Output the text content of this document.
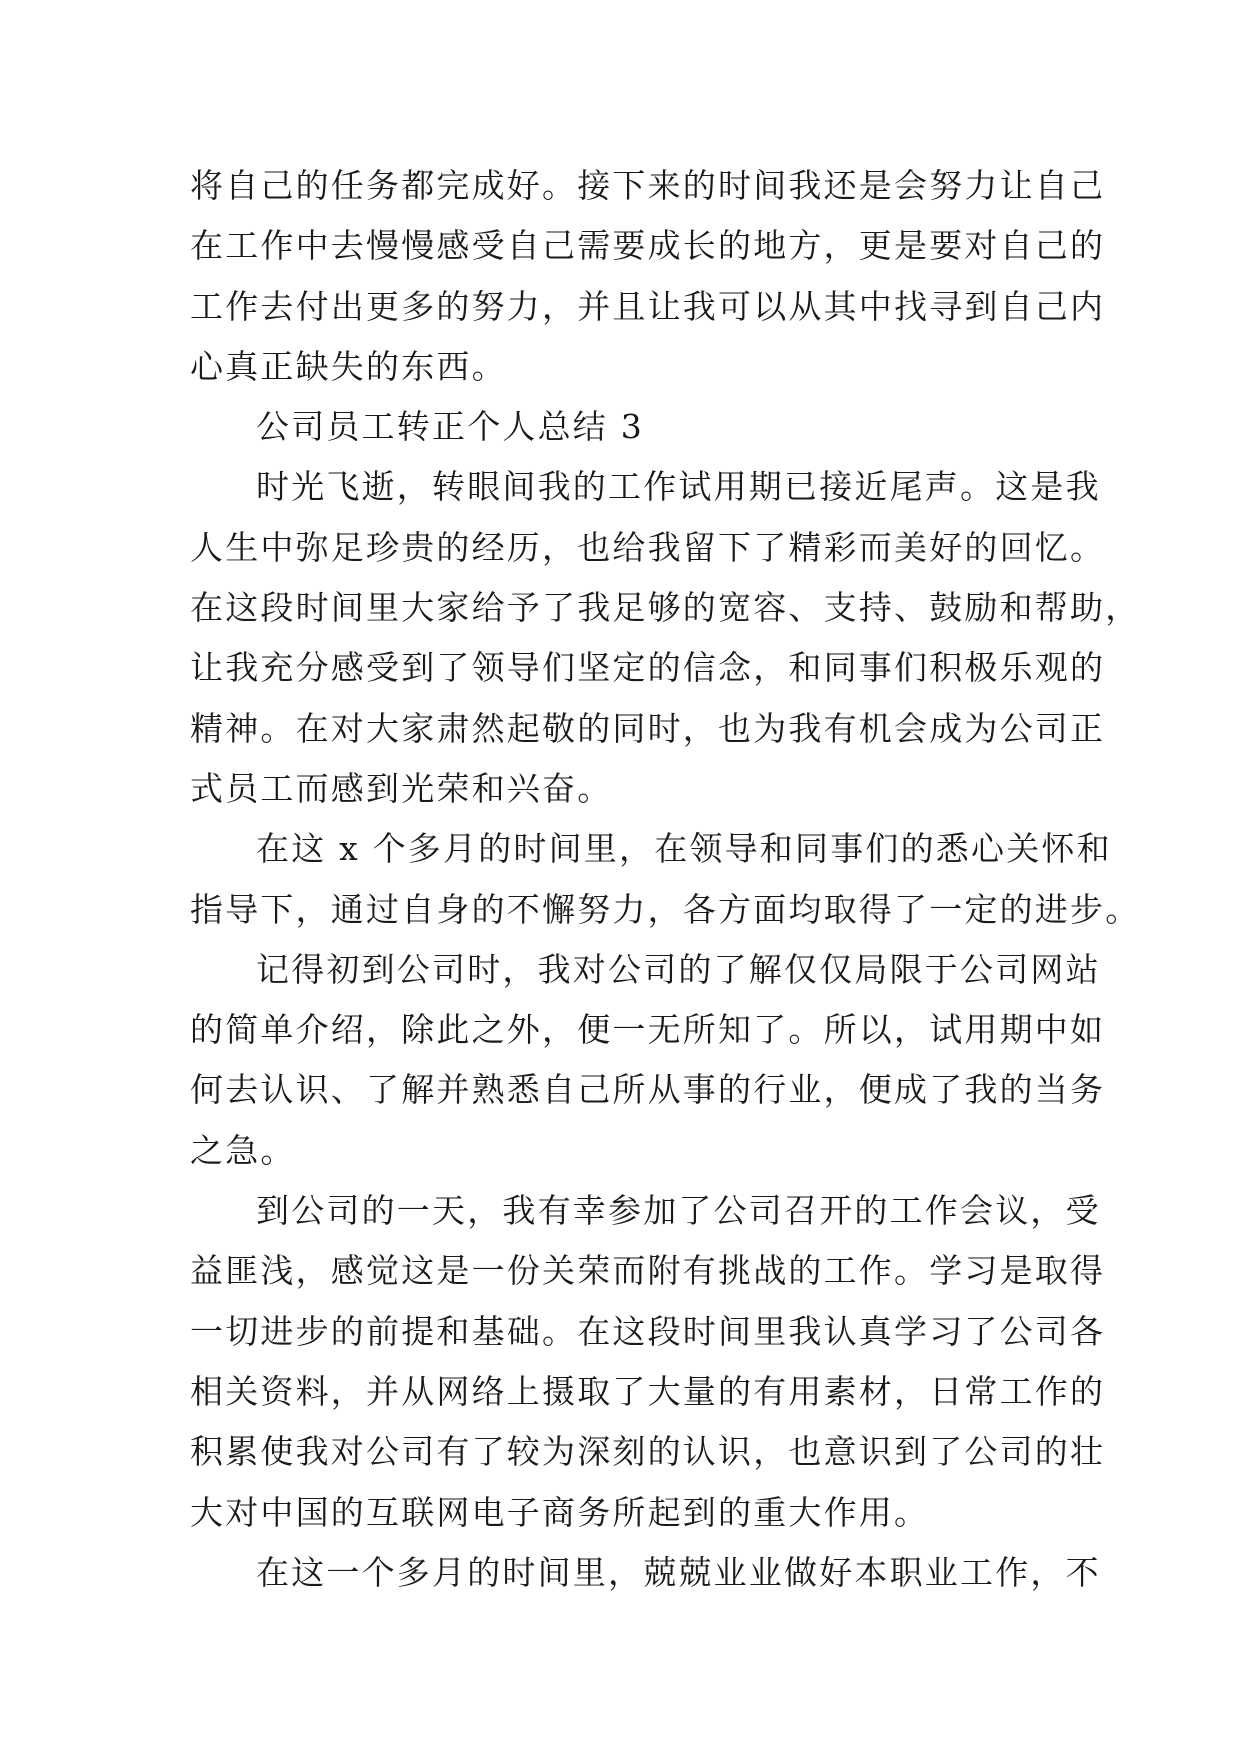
将自己的任务都完成好。接下来的时间我还是会努力让自己
在工作中去慢慢感受自己需要成长的地方，更是要对自己的
工作去付出更多的努力，并且让我可以从其中找寻到自己内
心真正缺失的东西。
公司员工转正个人总结 3
时光飞逝，转眼间我的工作试用期已接近尾声。这是我
人生中弥足珍贵的经历，也给我留下了精彩而美好的回忆。
在这段时间里大家给予了我足够的宽容、支持、鼓励和帮助，
让我充分感受到了领导们坚定的信念，和同事们积极乐观的
精神。在对大家肃然起敬的同时，也为我有机会成为公司正
式员工而感到光荣和兴奋。
在这 x 个多月的时间里，在领导和同事们的悉心关怀和
指导下，通过自身的不懈努力，各方面均取得了一定的进步。
记得初到公司时，我对公司的了解仅仅局限于公司网站
的简单介绍，除此之外，便一无所知了。所以，试用期中如
何去认识、了解并熟悉自己所从事的行业，便成了我的当务
之急。
到公司的一天，我有幸参加了公司召开的工作会议，受
益匪浅，感觉这是一份关荣而附有挑战的工作。学习是取得
一切进步的前提和基础。在这段时间里我认真学习了公司各
相关资料，并从网络上摄取了大量的有用素材，日常工作的
积累使我对公司有了较为深刻的认识，也意识到了公司的壮
大对中国的互联网电子商务所起到的重大作用。
在这一个多月的时间里，兢兢业业做好本职业工作，不
